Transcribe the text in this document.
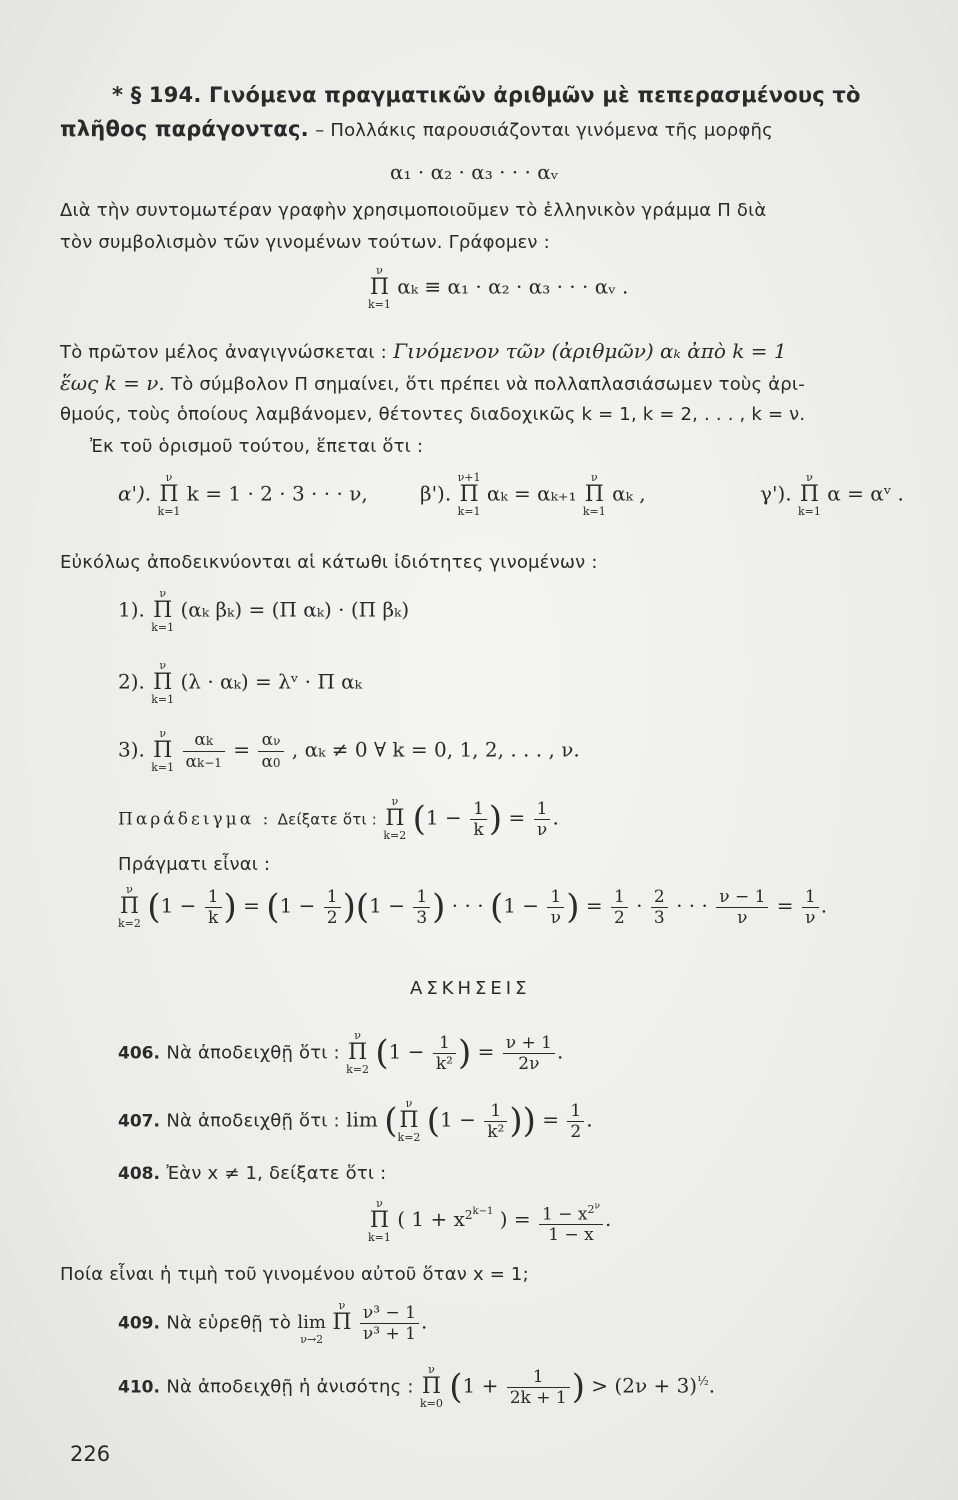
* § 194. Γινόμενα πραγματικῶν ἀριθμῶν μὲ πεπερασμένους τὸ
πλῆθος παράγοντας. – Πολλάκις παρουσιάζονται γινόμενα τῆς μορφῆς
α₁ · α₂ · α₃ · · · αᵥ
Διὰ τὴν συντομωτέραν γραφὴν χρησιμοποιοῦμεν τὸ ἑλληνικὸν γράμμα Π διὰ
τὸν συμβολισμὸν τῶν γινομένων τούτων. Γράφομεν :
ν
Π
k=1
αₖ ≡ α₁ · α₂ · α₃ · · · αᵥ .
Τὸ πρῶτον μέλος ἀναγιγνώσκεται : Γινόμενον τῶν (ἀριθμῶν) αₖ ἀπὸ k = 1
ἕως k = ν. Τὸ σύμβολον Π σημαίνει, ὅτι πρέπει νὰ πολλαπλασιάσωμεν τοὺς ἀρι-
θμούς, τοὺς ὁποίους λαμβάνομεν, θέτοντες διαδοχικῶς k = 1, k = 2, . . . , k = ν.
Ἐκ τοῦ ὁρισμοῦ τούτου, ἕπεται ὅτι :
α').
ν
Π
k=1
k = 1 · 2 · 3 · · · ν,	β').
ν+1
Π
k=1
αₖ = αₖ₊₁
ν
Π
k=1
αₖ ,	γ').
ν
Π
k=1
α = αᵛ .
Εὐκόλως ἀποδεικνύονται αἱ κάτωθι ἰδιότητες γινομένων :
1).
ν
Π
k=1
(αₖ βₖ) = (Π αₖ) · (Π βₖ)
2).
ν
Π
k=1
(λ · αₖ) = λᵛ · Π αₖ
3).
ν
Π
k=1
$\frac{\alpha k}{\alpha k-1} = \frac{\alpha\nu}{\alpha 0}$ , αₖ ≠ 0 ∀ k = 0, 1, 2, . . . , ν.
Παράδειγμα : Δείξατε ὅτι :
ν
Π
k=2 ($1 - \frac{1}{k}$ ) = $\frac{1}{\nu}$ .
Πράγματι εἶναι :
ν
Π
k=2 ($1 - \frac{1}{k}$ ) = $(1 - \frac{1}{2} )(1 - \frac{1}{3}$ ) · · · ($1 - \frac{1}{\nu}$ ) = $\frac{1}{2} \cdot \frac{2}{3}$ · · · $\frac{\nu - 1}{\nu} = \frac{1}{\nu}$ .
ΑΣΚΗΣΕΙΣ
406. Νὰ ἀποδειχθῇ ὅτι :
ν
Π
k=2 ($1 - \frac{1}{\text{k²}}$ ) = $\frac{\nu + 1}{2\nu}$ .
407. Νὰ ἀποδειχθῇ ὅτι : lim ( ν
Π
k=2 ($1 - \frac{1}{\text{k²}}$ )) = $\frac{1}{2}$ .
408. Ἐὰν x ≠ 1, δείξατε ὅτι :
ν
Π
k=1
( $1 + x^{2^{k-1}}$ ) = $\frac{1 - x^{2^\nu}}{1 - x}$ .
Ποία εἶναι ἡ τιμὴ τοῦ γινομένου αὐτοῦ ὅταν x = 1;
409. Νὰ εὑρεθῇ τὸ
lim
ν→2

ν
Π

$\frac{\text{ν³ − 1}}{\text{ν³ + 1}}$ .
410. Νὰ ἀποδειχθῇ ἡ ἀνισότης :
ν
Π
k=0 ($1 + \frac{1}{2k + 1}$ ) > $(2\nu + 3)^{\frac{1}{2}}$.
226
